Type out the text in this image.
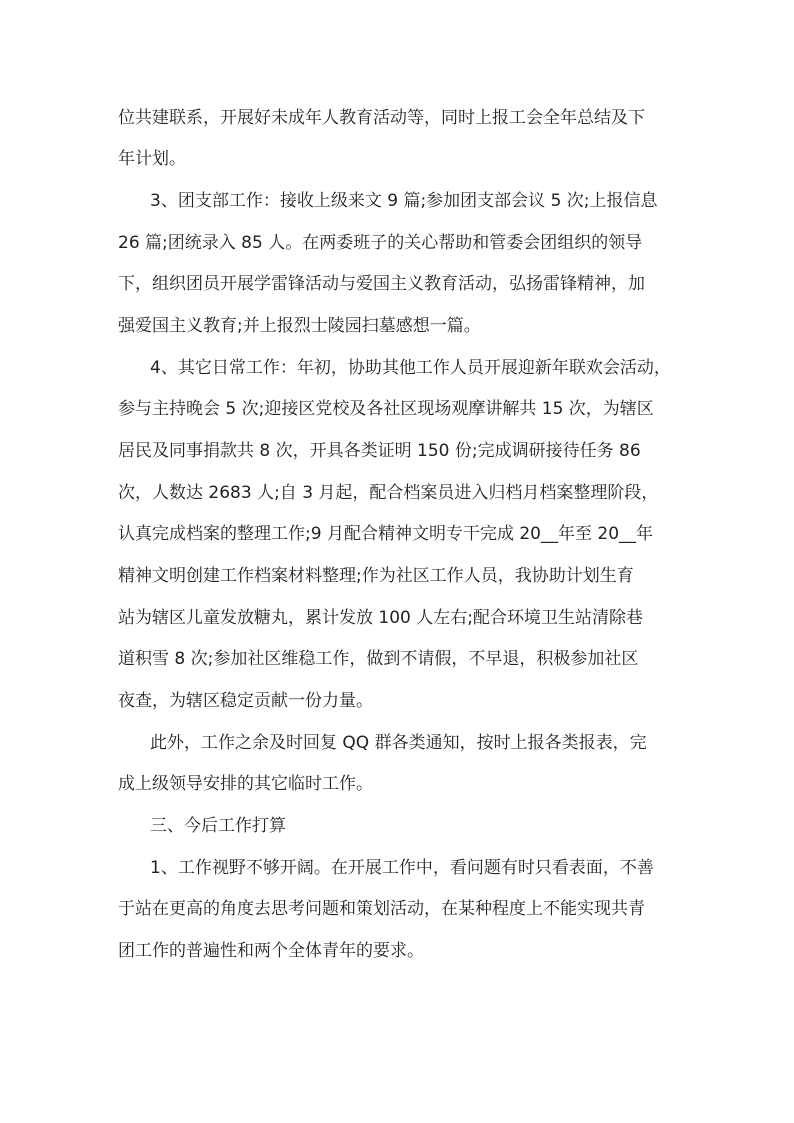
位共建联系，开展好未成年人教育活动等，同时上报工会全年总结及下
年计划。
3、团支部工作：接收上级来文 9 篇;参加团支部会议 5 次;上报信息
26 篇;团统录入 85 人。在两委班子的关心帮助和管委会团组织的领导
下，组织团员开展学雷锋活动与爱国主义教育活动，弘扬雷锋精神，加
强爱国主义教育;并上报烈士陵园扫墓感想一篇。
4、其它日常工作：年初，协助其他工作人员开展迎新年联欢会活动，
参与主持晚会 5 次;迎接区党校及各社区现场观摩讲解共 15 次，为辖区
居民及同事捐款共 8 次，开具各类证明 150 份;完成调研接待任务 86
次，人数达 2683 人;自 3 月起，配合档案员进入归档月档案整理阶段，
认真完成档案的整理工作;9 月配合精神文明专干完成 20__年至 20__年
精神文明创建工作档案材料整理;作为社区工作人员，我协助计划生育
站为辖区儿童发放糖丸，累计发放 100 人左右;配合环境卫生站清除巷
道积雪 8 次;参加社区维稳工作，做到不请假，不早退，积极参加社区
夜查，为辖区稳定贡献一份力量。
此外，工作之余及时回复 QQ 群各类通知，按时上报各类报表，完
成上级领导安排的其它临时工作。
三、今后工作打算
1、工作视野不够开阔。在开展工作中，看问题有时只看表面，不善
于站在更高的角度去思考问题和策划活动，在某种程度上不能实现共青
团工作的普遍性和两个全体青年的要求。
